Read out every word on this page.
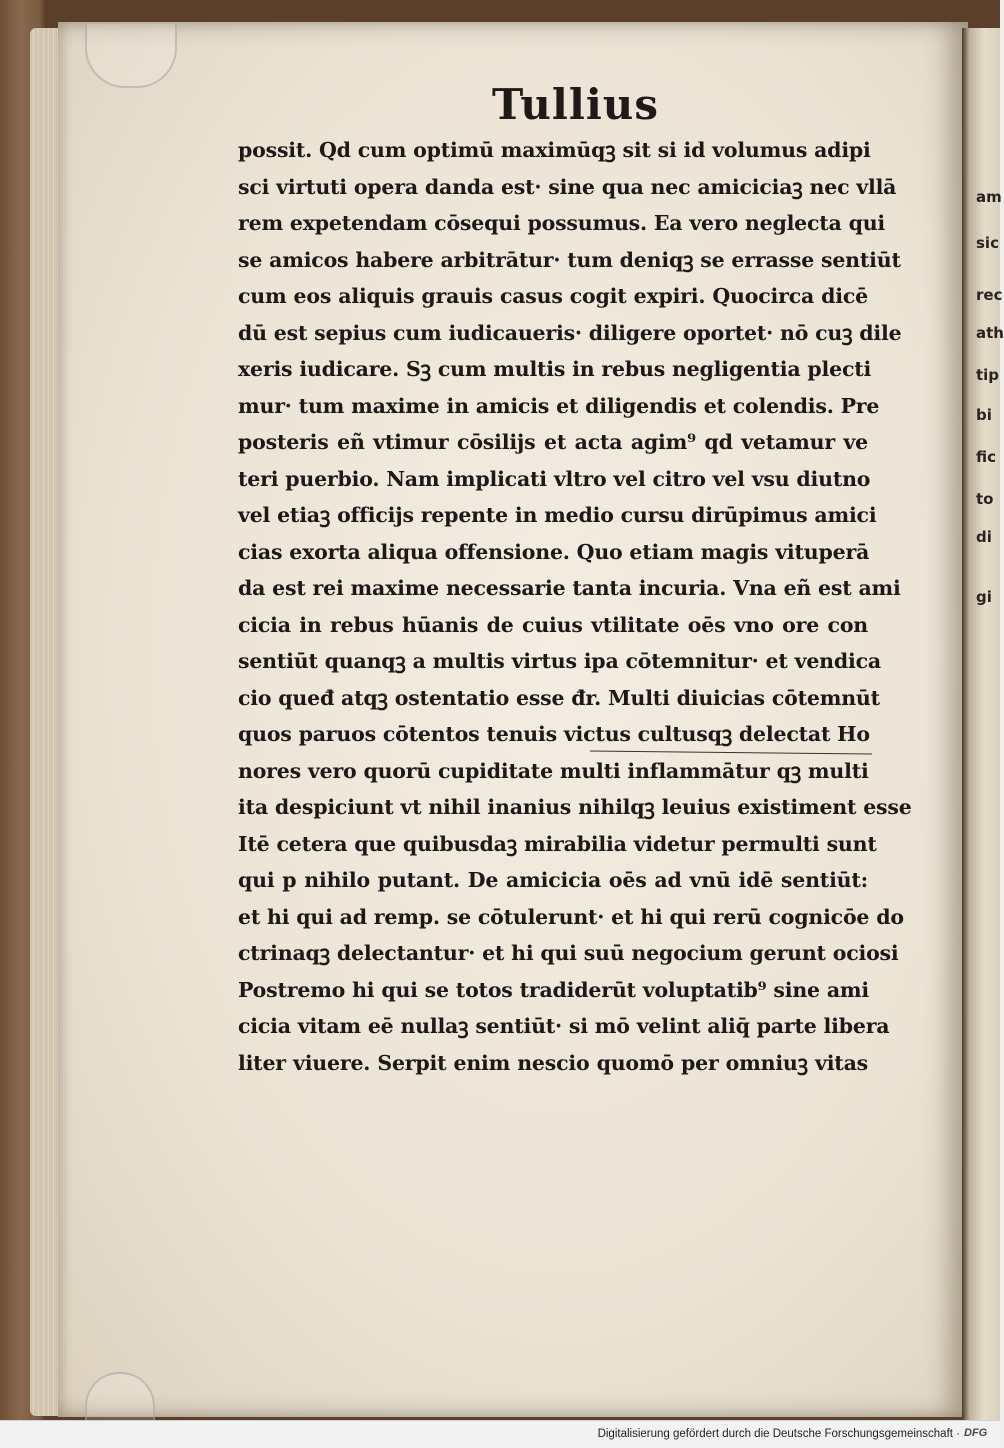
am
sic
rec
ath
tip
bi
fic
to
di
gi
Tullius
possit. Qd cum optimū maximūqꝫ sit si id volumus adipi
sci virtuti opera danda est· sine qua nec amiciciaꝫ nec vllā
rem expetendam cōsequi possumus. Ea vero neglecta qui
se amicos habere arbitrātur· tum deniqꝫ se errasse sentiūt
cum eos aliquis grauis casus cogit expiri. Quocirca dicē
dū est sepius cum iudicaueris· diligere oportet· nō cuꝫ dile
xeris iudicare. Sꝫ cum multis in rebus negligentia plecti
mur· tum maxime in amicis et diligendis et colendis. Pre
posteris eñ vtimur cōsilijs et acta agim⁹ qd vetamur ve
teri puerbio. Nam implicati vltro vel citro vel vsu diutno
vel etiaꝫ officijs repente in medio cursu dirūpimus amici
cias exorta aliqua offensione. Quo etiam magis vituperā
da est rei maxime necessarie tanta incuria. Vna eñ est ami
cicia in rebus hūanis de cuius vtilitate oēs vno ore con
sentiūt quanqꝫ a multis virtus ipa cōtemnitur· et vendica
cio queđ atqꝫ ostentatio esse đr. Multi diuicias cōtemnūt
quos paruos cōtentos tenuis victus cultusqꝫ delectat Ho
nores vero quorū cupiditate multi inflammātur qꝫ multi
ita despiciunt vt nihil inanius nihilqꝫ leuius existiment esse
Itē cetera que quibusdaꝫ mirabilia videtur permulti sunt
qui p nihilo putant. De amicicia oēs ad vnū idē sentiūt:
et hi qui ad remp. se cōtulerunt· et hi qui rerū cognicōe do
ctrinaqꝫ delectantur· et hi qui suū negocium gerunt ociosi
Postremo hi qui se totos tradiderūt voluptatib⁹ sine ami
cicia vitam eē nullaꝫ sentiūt· si mō velint aliq̄ parte libera
liter viuere. Serpit enim nescio quomō per omniuꝫ vitas
Digitalisierung gefördert durch die Deutsche Forschungsgemeinschaft · DFG
